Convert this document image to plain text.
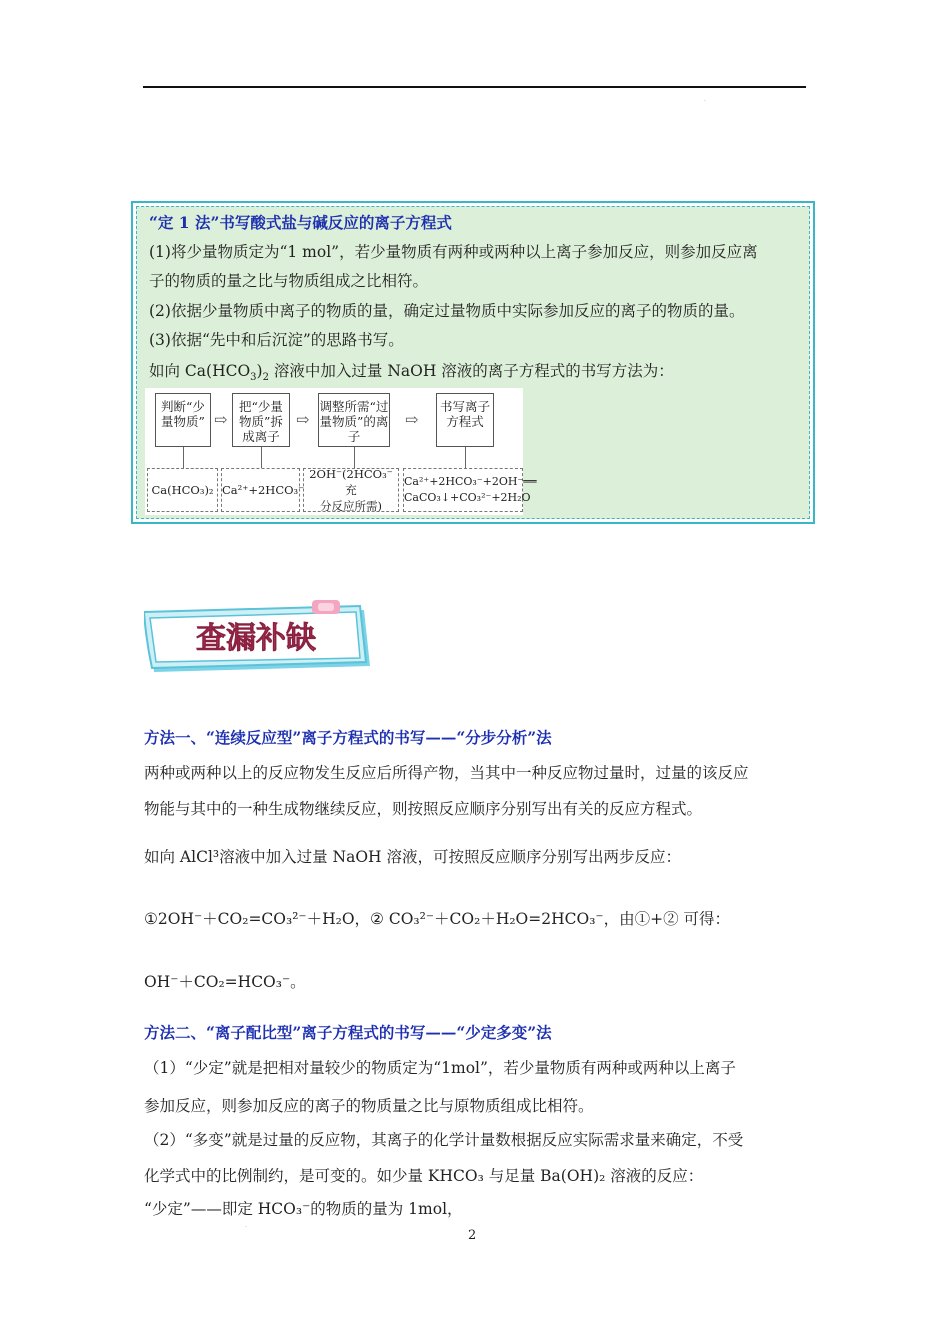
.
“定 1 法”书写酸式盐与碱反应的离子方程式
(1)将少量物质定为“1 mol”，若少量物质有两种或两种以上离子参加反应，则参加反应离
子的物质的量之比与物质组成之比相符。
(2)依据少量物质中离子的物质的量，确定过量物质中实际参加反应的离子的物质的量。
(3)依据“先中和后沉淀”的思路书写。
如向 $Ca(HCO_3)_2$ 溶液中加入过量 NaOH 溶液的离子方程式的书写方法为：
判断“少量物质” ⇨
把“少量物质”拆成离子
⇨
调整所需“过量物质”的离子
⇨
书写离子方程式
Ca(HCO₃)₂ Ca²⁺+2HCO₃⁻
2OH⁻(2HCO₃⁻充
分反应所需)
Ca²⁺+2HCO₃⁻+2OH⁻══
CaCO₃↓+CO₃²⁻+2H₂O
查漏补缺
方法一、“连续反应型”离子方程式的书写——“分步分析”法
两种或两种以上的反应物发生反应后所得产物，当其中一种反应物过量时，过量的该反应
物能与其中的一种生成物继续反应，则按照反应顺序分别写出有关的反应方程式。
如向 AlCl³溶液中加入过量 NaOH 溶液，可按照反应顺序分别写出两步反应：
①2OH⁻＋CO₂=CO₃²⁻＋H₂O，② CO₃²⁻＋CO₂＋H₂O=2HCO₃⁻，由①+② 可得：
OH⁻＋CO₂=HCO₃⁻。
方法二、“离子配比型”离子方程式的书写——“少定多变”法
（1）“少定”就是把相对量较少的物质定为“1mol”，若少量物质有两种或两种以上离子
参加反应，则参加反应的离子的物质量之比与原物质组成比相符。
（2）“多变”就是过量的反应物，其离子的化学计量数根据反应实际需求量来确定，不受
化学式中的比例制约，是可变的。如少量 KHCO₃ 与足量 Ba(OH)₂ 溶液的反应：
“少定”——即定 HCO₃⁻的物质的量为 1mol，
.
2
